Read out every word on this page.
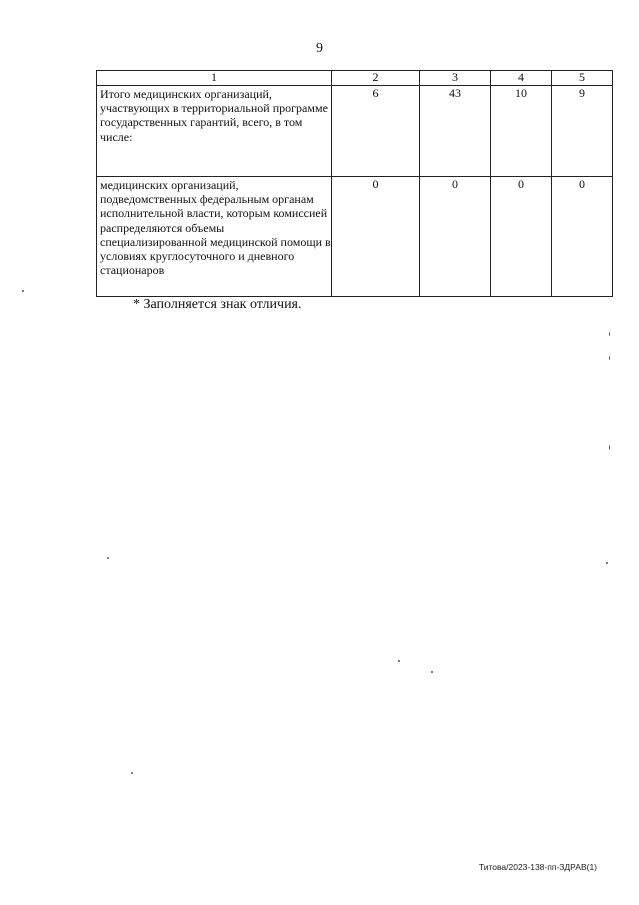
9
1	2	3	4	5
Итого медицинских организаций, участвующих в территориальной программе государственных гарантий, всего, в том числе:	6	43	10	9
медицинских организаций, подведомственных федеральным органам исполнительной власти, которым комиссией распределяются объемы специализированной медицинской помощи в условиях круглосуточного и дневного стационаров	0	0	0	0
* Заполняется знак отличия.
Титова/2023-138-пп-ЗДРАВ(1)
